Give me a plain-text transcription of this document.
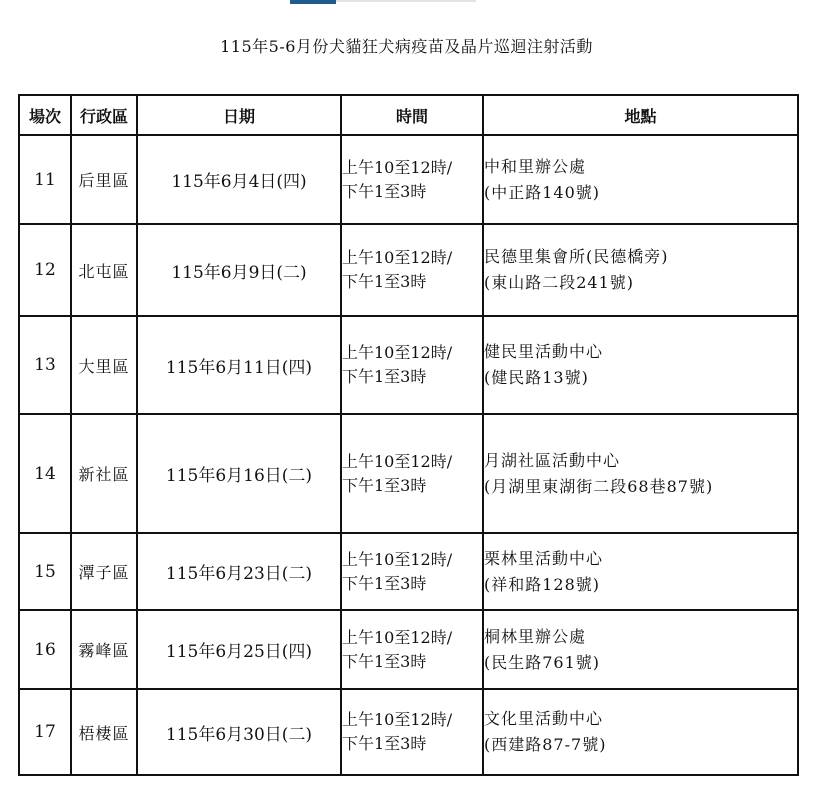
115年5-6月份犬貓狂犬病疫苗及晶片巡迴注射活動
場次	行政區	日期	時間	地點
11	后里區	115年6月4日(四)	上午10至12時/
下午1至3時	中和里辦公處
(中正路140號)

12	北屯區	115年6月9日(二)	上午10至12時/
下午1至3時	民德里集會所(民德橋旁)
(東山路二段241號)

13	大里區	115年6月11日(四)	上午10至12時/
下午1至3時	健民里活動中心
(健民路13號)

14	新社區	115年6月16日(二)	上午10至12時/
下午1至3時	月湖社區活動中心
(月湖里東湖街二段68巷87號)

15	潭子區	115年6月23日(二)	上午10至12時/
下午1至3時	栗林里活動中心
(祥和路128號)

16	霧峰區	115年6月25日(四)	上午10至12時/
下午1至3時	桐林里辦公處
(民生路761號)

17	梧棲區	115年6月30日(二)	上午10至12時/
下午1至3時	文化里活動中心
(西建路87-7號)
